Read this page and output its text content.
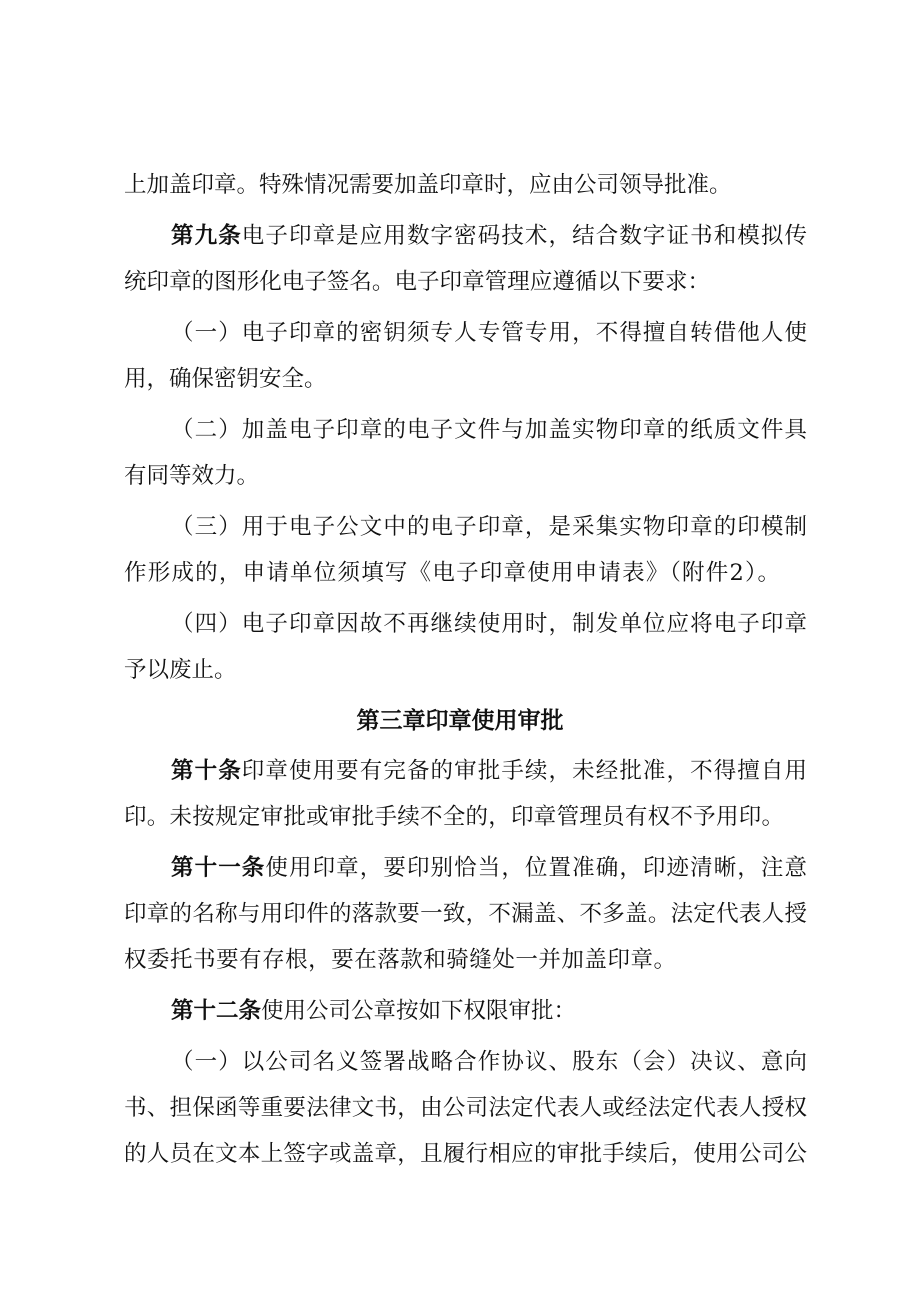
上加盖印章。特殊情况需要加盖印章时，应由公司领导批准。
第九条电子印章是应用数字密码技术，结合数字证书和模拟传
统印章的图形化电子签名。电子印章管理应遵循以下要求：
（一）电子印章的密钥须专人专管专用，不得擅自转借他人使
用，确保密钥安全。
（二）加盖电子印章的电子文件与加盖实物印章的纸质文件具
有同等效力。
（三）用于电子公文中的电子印章，是采集实物印章的印模制
作形成的，申请单位须填写《电子印章使用申请表》（附件2）。
（四）电子印章因故不再继续使用时，制发单位应将电子印章
予以废止。
第三章印章使用审批
第十条印章使用要有完备的审批手续，未经批准，不得擅自用
印。未按规定审批或审批手续不全的，印章管理员有权不予用印。
第十一条使用印章，要印别恰当，位置准确，印迹清晰，注意
印章的名称与用印件的落款要一致，不漏盖、不多盖。法定代表人授
权委托书要有存根，要在落款和骑缝处一并加盖印章。
第十二条使用公司公章按如下权限审批：
（一）以公司名义签署战略合作协议、股东（会）决议、意向
书、担保函等重要法律文书，由公司法定代表人或经法定代表人授权
的人员在文本上签字或盖章，且履行相应的审批手续后，使用公司公
